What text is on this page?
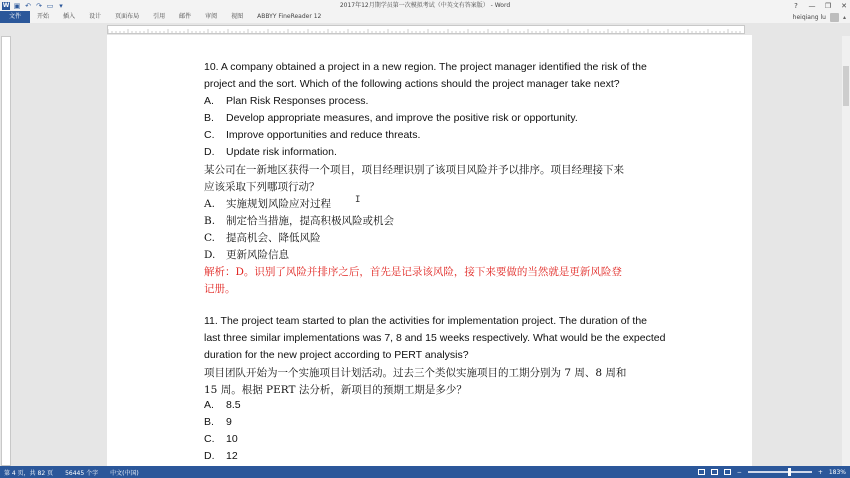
W ▣ ↶ ↷ ▭ ▾	2017年12月期学员第一次模拟考试（中英文有答案版） - Word	?	— ❐ ✕
文件	开始	插入	设计	页面布局	引用	邮件	审阅	视图	ABBYY FineReader 12	heiqiang lu	▴
10. A company obtained a project in a new region. The project manager identified the risk of the
project and the sort. Which of the following actions should the project manager take next?
A. Plan Risk Responses process.
B. Develop appropriate measures, and improve the positive risk or opportunity.
C. Improve opportunities and reduce threats.
D. Update risk information.
某公司在一新地区获得一个项目，项目经理识别了该项目风险并予以排序。项目经理接下来
应该采取下列哪项行动？
A. 实施规划风险应对过程
B. 制定恰当措施，提高积极风险或机会
C. 提高机会、降低风险
D. 更新风险信息
解析：D。识别了风险并排序之后，首先是记录该风险，接下来要做的当然就是更新风险登
记册。
11. The project team started to plan the activities for implementation project. The duration of the
last three similar implementations was 7, 8 and 15 weeks respectively. What would be the expected
duration for the new project according to PERT analysis?
项目团队开始为一个实施项目计划活动。过去三个类似实施项目的工期分别为 7 周、8 周和
15 周。根据 PERT 法分析，新项目的预期工期是多少？
A. 8.5
B. 9
C. 10
D. 12
I
第 4 页，共 82 页 56445 个字 中文(中国)	−	+ 183%
